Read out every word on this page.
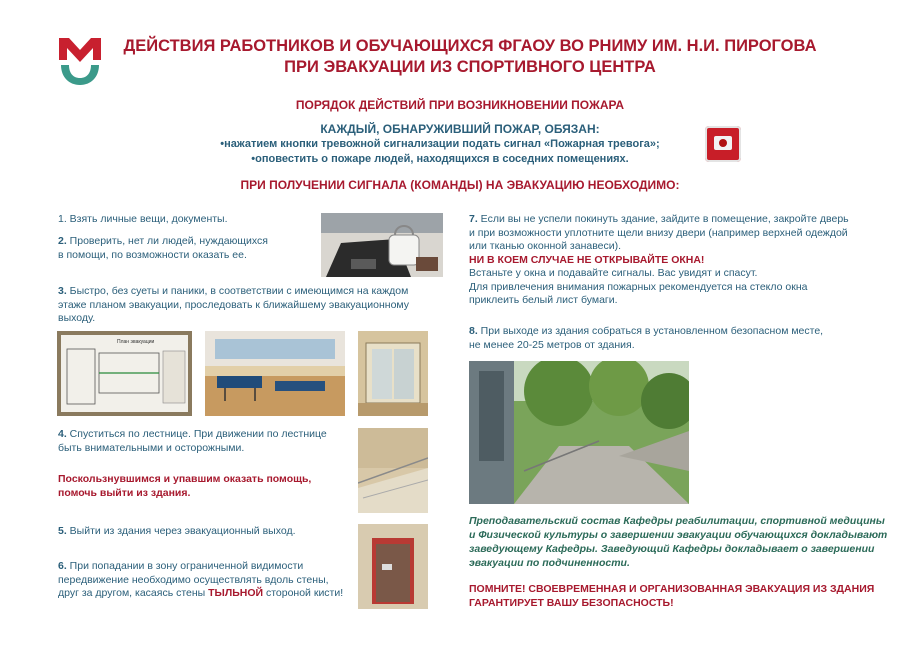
ДЕЙСТВИЯ РАБОТНИКОВ И ОБУЧАЮЩИХСЯ ФГАОУ ВО РНИМУ ИМ. Н.И. ПИРОГОВА
ПРИ ЭВАКУАЦИИ ИЗ СПОРТИВНОГО ЦЕНТРА
ПОРЯДОК ДЕЙСТВИЙ ПРИ ВОЗНИКНОВЕНИИ ПОЖАРА
КАЖДЫЙ, ОБНАРУЖИВШИЙ ПОЖАР, ОБЯЗАН:
•нажатием кнопки тревожной сигнализации подать сигнал «Пожарная тревога»;
•оповестить о пожаре людей, находящихся в соседних помещениях.
ПРИ ПОЛУЧЕНИИ СИГНАЛА (КОМАНДЫ) НА ЭВАКУАЦИЮ НЕОБХОДИМО:
1. Взять личные вещи, документы.
2. Проверить, нет ли людей, нуждающихся
в помощи, по возможности оказать ее.
3. Быстро, без суеты и паники, в соответствии с имеющимся на каждом
этаже планом эвакуации, проследовать к ближайшему эвакуационному
выходу.
План эвакуации
4. Спуститься по лестнице. При движении по лестнице
быть внимательными и осторожными.
Поскользнувшимся и упавшим оказать помощь,
помочь выйти из здания.
5. Выйти из здания через эвакуационный выход.
6. При попадании в зону ограниченной видимости
передвижение необходимо осуществлять вдоль стены,
друг за другом, касаясь стены ТЫЛЬНОЙ стороной кисти!
7. Если вы не успели покинуть здание, зайдите в помещение, закройте дверь
и при возможности уплотните щели внизу двери (например верхней одеждой
или тканью оконной занавеси).
НИ В КОЕМ СЛУЧАЕ НЕ ОТКРЫВАЙТЕ ОКНА!
Встаньте у окна и подавайте сигналы. Вас увидят и спасут.
Для привлечения внимания пожарных рекомендуется на стекло окна
приклеить белый лист бумаги.
8. При выходе из здания собраться в установленном безопасном месте,
не менее 20-25 метров от здания.
Преподавательский состав Кафедры реабилитации, спортивной медицины
и Физической культуры о завершении эвакуации обучающихся докладывают
заведующему Кафедры. Заведующий Кафедры докладывает о завершении
эвакуации по подчиненности.
ПОМНИТЕ! СВОЕВРЕМЕННАЯ И ОРГАНИЗОВАННАЯ ЭВАКУАЦИЯ ИЗ ЗДАНИЯ
ГАРАНТИРУЕТ ВАШУ БЕЗОПАСНОСТЬ!
